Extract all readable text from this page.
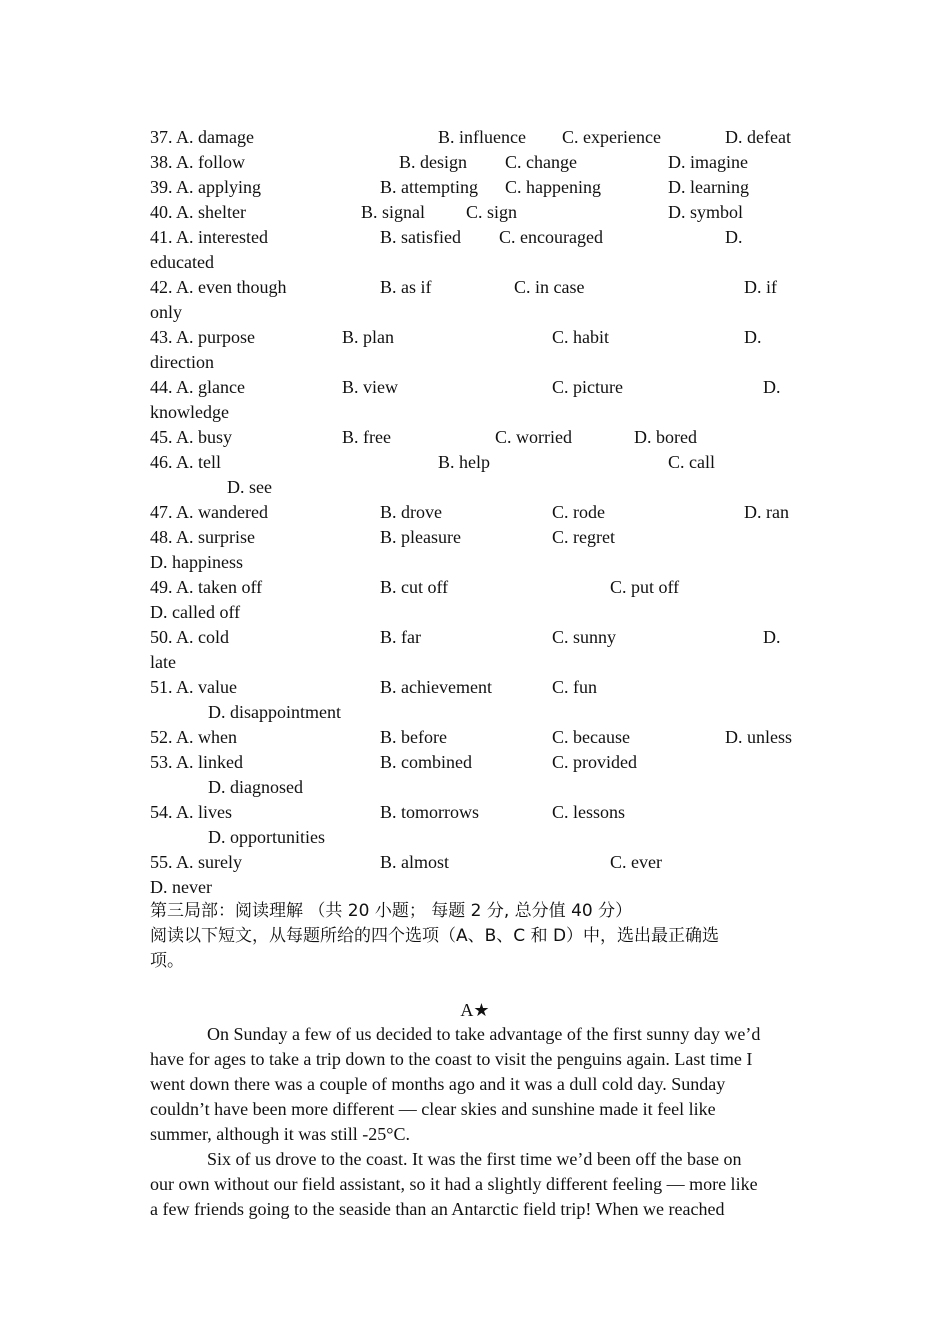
37. A. damage	B. influence C. experience	D. defeat
38. A. follow	B. design C. change	D. imagine
39. A. applying	B. attempting C. happening	D. learning
40. A. shelter	B. signal C. sign	D. symbol
41. A. interested	B. satisfied C. encouraged	D.
educated
42. A. even though	B. as if	C. in case	D. if
only
43. A. purpose	B. plan	C. habit	D.
direction
44. A. glance	B. view	C. picture	D.
knowledge
45. A. busy	B. free	C. worried	D. bored
46. A. tell	B. help	C. call
D. see
47. A. wandered	B. drove	C. rode	D. ran
48. A. surprise	B. pleasure	C. regret
D. happiness
49. A. taken off	B. cut off	C. put off
D. called off
50. A. cold	B. far	C. sunny	D.
late
51. A. value	B. achievement	C. fun
D. disappointment
52. A. when	B. before	C. because	D. unless
53. A. linked	B. combined	C. provided
D. diagnosed
54. A. lives	B. tomorrows	C. lessons
D. opportunities
55. A. surely	B. almost	C. ever
D. never
第三局部：阅读理解 （共 20 小题； 每题 2 分, 总分值 40 分）
阅读以下短文，从每题所给的四个选项（A、B、C 和 D）中，选出最正确选
项。
A★
On Sunday a few of us decided to take advantage of the first sunny day we’d
have for ages to take a trip down to the coast to visit the penguins again. Last time I
went down there was a couple of months ago and it was a dull cold day. Sunday
couldn’t have been more different — clear skies and sunshine made it feel like
summer, although it was still -25°C.
Six of us drove to the coast. It was the first time we’d been off the base on
our own without our field assistant, so it had a slightly different feeling — more like
a few friends going to the seaside than an Antarctic field trip! When we reached
